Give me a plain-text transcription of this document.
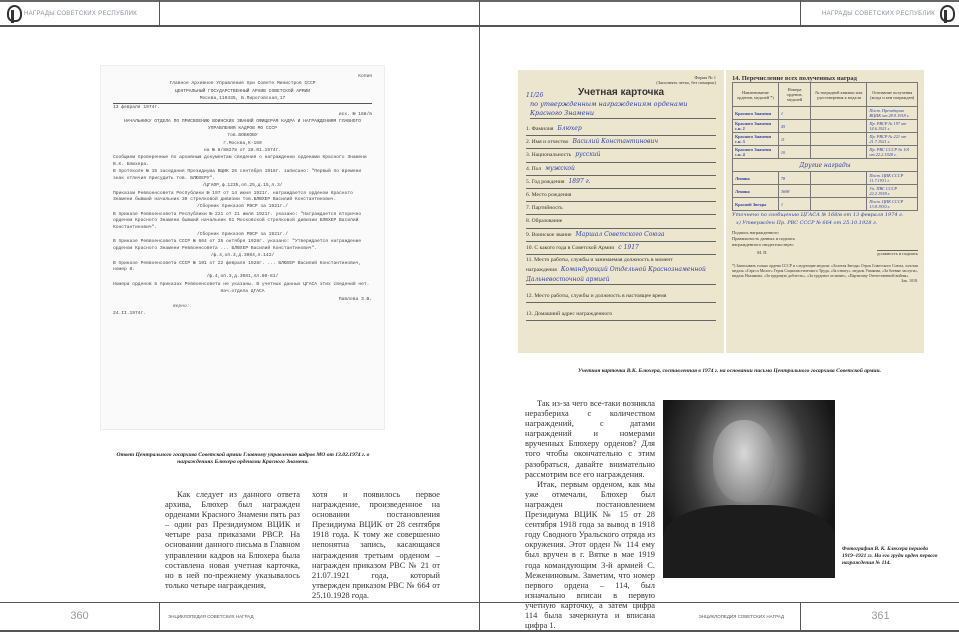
НАГРАДЫ СОВЕТСКИХ РЕСПУБЛИК	НАГРАДЫ СОВЕТСКИХ РЕСПУБЛИК
Копия
Главное Архивное Управление при Совете Министров СССР
ЦЕНТРАЛЬНЫЙ ГОСУДАРСТВЕННЫЙ АРХИВ СОВЕТСКОЙ АРМИИ
Москва,119435, Б.Пироговская,17
13 февраля 1974г.
исх. № 168/в
НАЧАЛЬНИКУ ОТДЕЛА ПО ПРИСВОЕНИЮ ВОИНСКИХ ЗВАНИЙ ОФИЦЕРАМ КАДРА И НАГРАЖДЕНИЯМ ГЛАВНОГО УПРАВЛЕНИЯ КАДРОВ МО СССР
тов.БОБКОВУ
г.Москва,К-160
на № 6/88278 от 28.01.1974г.
Сообщаем проверенные по архивным документам сведения о награждении орденами Красного Знамени В.К. Блюхера.
В протоколе № 15 заседания Президиума ВЦИК 28 сентября 1918г. записано: "Первый по времени знак отличия присудить тов. БЛЮХЕРУ".
/ЦГАОР,ф.1235,оп.25,д.15,л.3/
Приказом Реввоенсовета Республики № 197 от 14 июня 1921г. награждается орденом Красного Знамени бывший начальник 30 стрелковой дивизии тов.БЛЮХЕР Василий Константинович.
/Сборник приказов РВСР за 1921г./
В приказе Реввоенсовета Республики № 221 от 21 июля 1921г. указано: "Награждается вторично орденом Красного Знамени бывший начальник 51 Московской стрелковой дивизии БЛЮХЕР Василий Константинович".
/Сборник приказов РВСР за 1921г./
В приказе Реввоенсовета СССР № 664 от 25 октября 1928г. указано: "Утверждается награждение орденом Красного Знамени Реввоенсовета ... БЛЮХЕР Василий Константинович".
/ф.4,оп.3,д.3084,л.142/
В приказе Реввоенсовета СССР № 101 от 22 февраля 1928г. ... БЛЮХЕР Василий Константинович, номер 8.
/ф.4,оп.3,д.3081,лл.80-81/
Номера орденов в приказах Реввоенсовета не указаны. В учетных данных ЦГАСА этих сведений нет.
Нач.отдела ЦГАСА
Павлова З.В.
верно:
24.II.1974г.
Ответ Центрального госархива Советской армии Главному управлению кадров МО от 13.02.1974 г. о награждениях Блюхера орденами Красного Знамени.

Как следует из данного ответа архива, Блюхер был награжден орденами Красного Знамени пять раз – один раз Президиумом ВЦИК и четыре раза приказами РВСР. На основании данного письма в Главном управлении кадров на Блюхера была составлена новая учетная карточка, но в ней по-прежнему указывалось только четыре награждения,

хотя и появилось первое награждение, произведенное на основании постановления Президиума ВЦИК от 28 сентября 1918 года. К тому же совершенно непонятна запись, касающаяся награждения третьим орденом – награжден приказом РВС № 21 от 21.07.1921 года, который утвержден приказом РВС № 664 от 25.10.1928 года.

Форма № 1
(Заполнять четко, без помарок)
11/26	Учетная карточка
по утвержденным награждениям орденами Красного Знамени
1. Фамилия Блюхер
2. Имя и отчество Василий Константинович
3. Национальность русский
4. Пол мужской
5. Год рождения 1897 г.
6. Место рождения
7. Партийность
8. Образование
9. Воинское звание Маршал Советского Союза
10. С какого года в Советской Армии с 1917
11. Место работы, службы и занимаемая должность в момент награждения Командующий Отдельной Краснознаменной Дальневосточной армией
12. Место работы, службы и должность в настоящее время
13. Домашний адрес награжденного
14. Перечисление всех полученных наград
Наименование орденов, медалей *)	Номера орденов, медалей	№ наградной книжки или удостоверения к медали	Основание получения (когда и кем награжден)
Красного Знамени	1		Пост. Президиума ВЦИК от 28.9.1918 г.
Красного Знамени с.н. 2	45		Пр. РВСР № 197 от 14.6.1921 г.
Красного Знамени с.н. 3	11		Пр. РВСР № 221 от 21.7.1921 г.
Красного Знамени с.н. 4	10		Пр. РВС СССР № 101 от 22.2.1928 г.
Другие награды			
Ленина	78		Пост. ЦИК СССР 11.7.1931 г.
Ленина	3698		Ук. ПВС СССР 22.2.1938 г.
Красной Звезды	1		Пост. ЦИК СССР 13.8.1930 г.
Уточнено по сообщению ЦГАСА № 168/в от 13 февраля 1974 г.
х) Утвержден Пр. РВС СССР № 664 от 25.10.1928 г.
Подпись награжденного
Правильность данных и подпись награжденного свидетельствую:
М. П.	должность и подпись
*) Записывать только ордена СССР и следующие медали: «Золотая Звезда» Героя Советского Союза, золотая медаль «Серп и Молот» Героя Социалистического Труда, «За отвагу», медаль Ушакова, «За боевые заслуги», медаль Нахимова, «За трудовую доблесть», «За трудовое отличие», «Партизану Отечественной войны».
Зак. 1018.
Учетная карточка В.К. Блюхера, составленная в 1974 г. на основании письма Центрального госархива Советской армии.

Так из-за чего все-таки возникла неразбериха с количеством награждений, с датами награждений и номерами врученных Блюхеру орденов? Для того чтобы окончательно с этим разобраться, давайте внимательно рассмотрим все его награждения.

Итак, первым орденом, как мы уже отмечали, Блюхер был награжден постановлением Президиума ВЦИК № 15 от 28 сентября 1918 года за вывод в 1918 году Сводного Уральского отряда из окружения. Этот орден № 114 ему был вручен в г. Вятке в мае 1919 года командующим 3-й армией С. Межениновым. Заметим, что номер первого ордена – 114, был изначально вписан в первую учетную карточку, а затем цифра 114 была зачеркнута и вписана цифра 1.

Фотография В. К. Блюхера периода 1919–1921 гг. На его груди орден первого награждения № 114.
360	361
ЭНЦИКЛОПЕДИЯ СОВЕТСКИХ НАГРАД	ЭНЦИКЛОПЕДИЯ СОВЕТСКИХ НАГРАД
